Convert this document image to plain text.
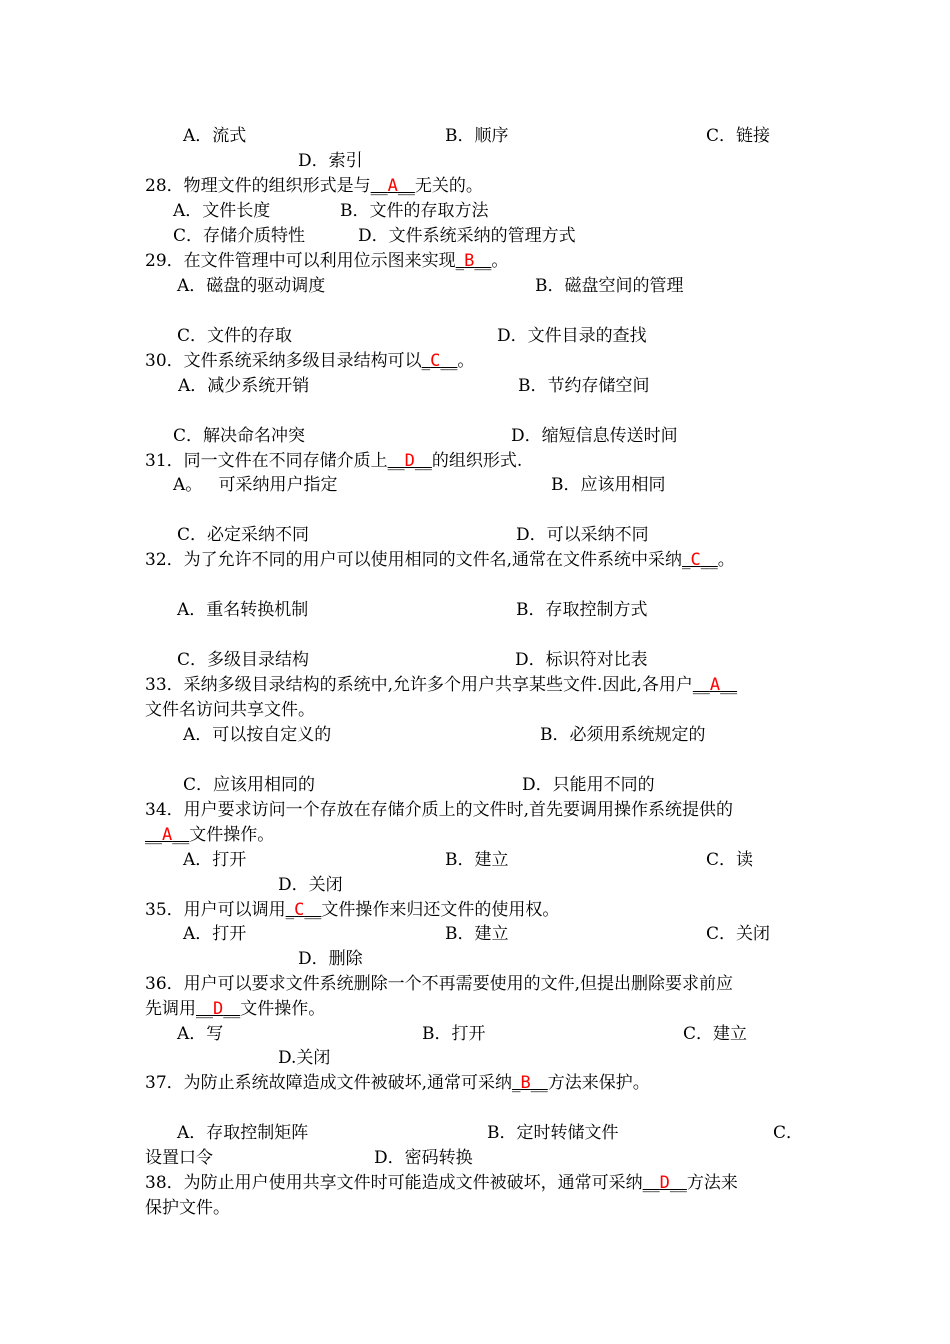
A．流式	B．顺序	C．链接
D．索引
28．物理文件的组织形式是与__A__无关的。
A．文件长度	B．文件的存取方法
C．存储介质特性	D．文件系统采纳的管理方式
29．在文件管理中可以利用位示图来实现_B__。
A．磁盘的驱动调度	B．磁盘空间的管理
C．文件的存取	D．文件目录的查找
30．文件系统采纳多级目录结构可以_C__。
A．减少系统开销	B．节约存储空间
C．解决命名冲突	D．缩短信息传送时间
31．同一文件在不同存储介质上__D__的组织形式.
A。   可采纳用户指定	B．应该用相同
C．必定采纳不同	D．可以采纳不同
32．为了允许不同的用户可以使用相同的文件名,通常在文件系统中采纳_C__。
A．重名转换机制	B．存取控制方式
C．多级目录结构	D．标识符对比表
33．采纳多级目录结构的系统中,允许多个用户共享某些文件.因此,各用户__A__
文件名访问共享文件。
A．可以按自定义的	B．必须用系统规定的
C．应该用相同的	D．只能用不同的
34．用户要求访问一个存放在存储介质上的文件时,首先要调用操作系统提供的
__A__文件操作。
A．打开	B．建立	C．读
D．关闭
35．用户可以调用_C__文件操作来归还文件的使用权。
A．打开	B．建立	C．关闭
D．删除
36．用户可以要求文件系统删除一个不再需要使用的文件,但提出删除要求前应
先调用__D__文件操作。
A．写	B．打开	C．建立
D.关闭
37．为防止系统故障造成文件被破坏,通常可采纳_B__方法来保护。
A．存取控制矩阵	B．定时转储文件	C．
设置口令	D．密码转换
38．为防止用户使用共享文件时可能造成文件被破坏，通常可采纳__D__方法来
保护文件。
